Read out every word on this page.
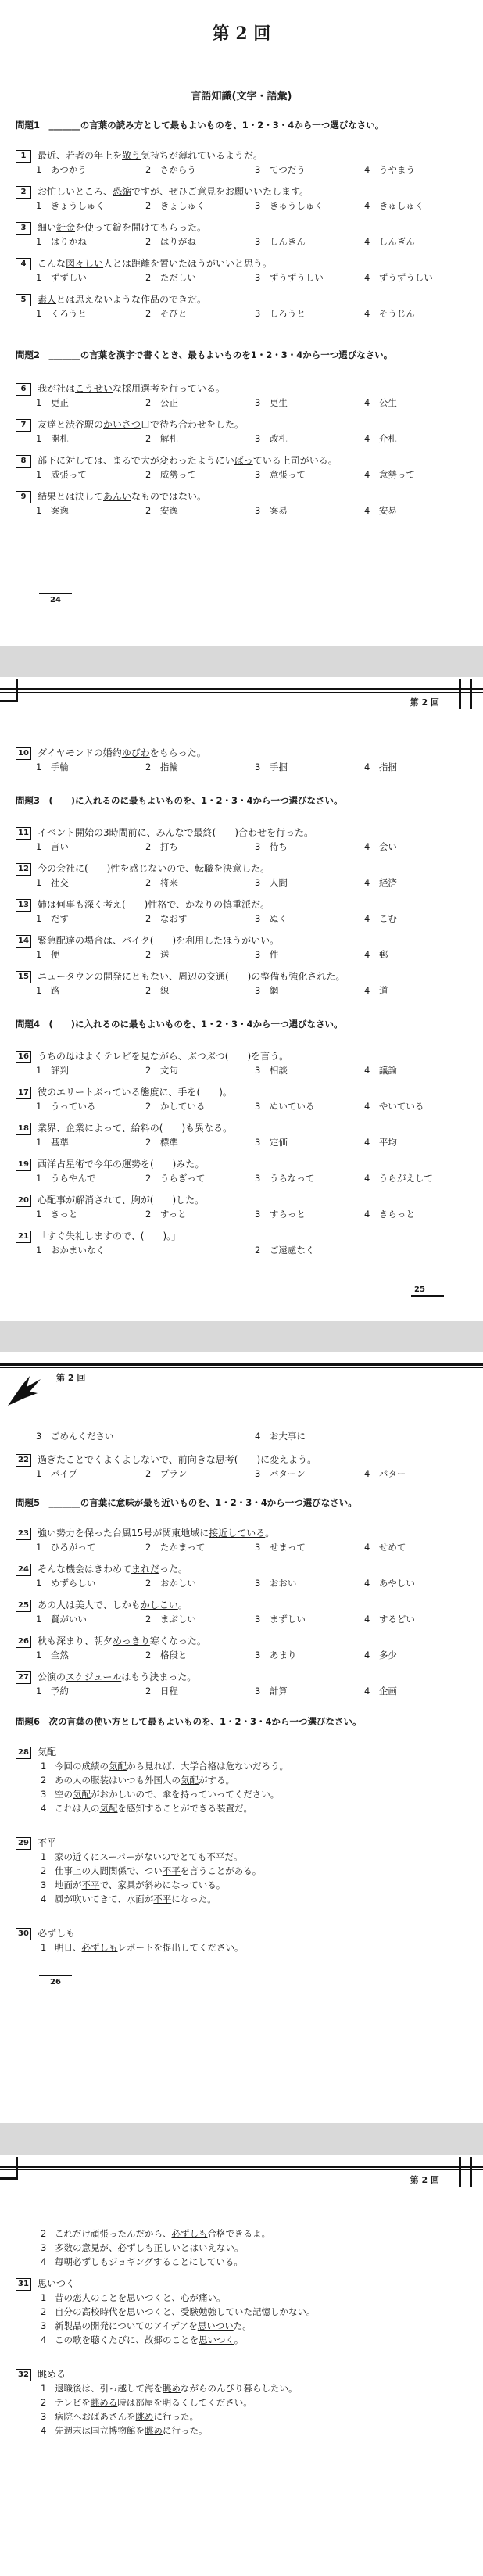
第 2 回
言語知識(文字・語彙)
問題1　_______の言葉の読み方として最もよいものを、1・2・3・4から一つ選びなさい。
1 最近、若者の年上を敬う気持ちが薄れているようだ。
1　あつかう	2　さからう	3　てつだう	4　うやまう
2 お忙しいところ、恐縮ですが、ぜひご意見をお願いいたします。
1　きょうしゅく	2　きょしゅく	3　きゅうしゅく	4　きゅしゅく
3 細い針金を使って錠を開けてもらった。
1　はりかね	2　はりがね	3　しんきん	4　しんぎん
4 こんな図々しい人とは距離を置いたほうがいいと思う。
1　ずずしい	2　ただしい	3　ずうずうしい	4　ずうずうしい
5 素人とは思えないような作品のできだ。
1　くろうと	2　そびと	3　しろうと	4　そうじん
問題2　_______の言葉を漢字で書くとき、最もよいものを1・2・3・4から一つ選びなさい。
6 我が社はこうせいな採用選考を行っている。
1　更正	2　公正	3　更生	4　公生
7 友達と渋谷駅のかいさつ口で待ち合わせをした。
1　開札	2　解札	3　改札	4　介札
8 部下に対しては、まるで大が変わったようにいばっている上司がいる。
1　威張って	2　威勢って	3　意張って	4　意勢って
9 結果とは決してあんいなものではない。
1　案逸	2　安逸	3　案易	4　安易
24
第 2 回
10 ダイヤモンドの婚約ゆびわをもらった。
1　手輪	2　指輪	3　手掴	4　指掴
問題3　(　　)に入れるのに最もよいものを、1・2・3・4から一つ選びなさい。
11 イベント開始の3時間前に、みんなで最終(　　)合わせを行った。
1　言い	2　打ち	3　待ち	4　会い
12 今の会社に(　　)性を感じないので、転職を決意した。
1　社交	2　将来	3　人間	4　経済
13 姉は何事も深く考え(　　)性格で、かなりの慎重派だ。
1　だす	2　なおす	3　ぬく	4　こむ
14 緊急配達の場合は、バイク(　　)を利用したほうがいい。
1　便	2　送	3　件	4　郵
15 ニュータウンの開発にともない、周辺の交通(　　)の整備も強化された。
1　路	2　線	3　網	4　道
問題4　(　　)に入れるのに最もよいものを、1・2・3・4から一つ選びなさい。
16 うちの母はよくテレビを見ながら、ぶつぶつ(　　)を言う。
1　評判	2　文句	3　相談	4　議論
17 彼のエリートぶっている態度に、手を(　　)。
1　うっている	2　かしている	3　ぬいている	4　やいている
18 業界、企業によって、給料の(　　)も異なる。
1　基準	2　標準	3　定価	4　平均
19 西洋占星術で今年の運勢を(　　)みた。
1　うらやんで	2　うらぎって	3　うらなって	4　うらがえして
20 心配事が解消されて、胸が(　　)した。
1　きっと	2　すっと	3　すらっと	4　きらっと
21 「すぐ失礼しますので、(　　)。」
1　おかまいなく	2　ご遠慮なく
25
第 2 回
3　ごめんください	4　お大事に
22 過ぎたことでくよくよしないで、前向きな思考(　　)に変えよう。
1　パイプ	2　プラン	3　パターン	4　パター
問題5　_______の言葉に意味が最も近いものを、1・2・3・4から一つ選びなさい。
23 強い勢力を保った台風15号が関東地域に接近している。
1　ひろがって	2　たかまって	3　せまって	4　せめて
24 そんな機会はきわめてまれだった。
1　めずらしい	2　おかしい	3　おおい	4　あやしい
25 あの人は美人で、しかもかしこい。
1　賢がいい	2　まぶしい	3　まずしい	4　するどい
26 秋も深まり、朝夕めっきり寒くなった。
1　全然	2　格段と	3　あまり	4　多少
27 公演のスケジュールはもう決まった。
1　予約	2　日程	3　計算	4　企画
問題6　次の言葉の使い方として最もよいものを、1・2・3・4から一つ選びなさい。
28 気配
1 今回の成績の気配から見れば、大学合格は危ないだろう。
2 あの人の服装はいつも外国人の気配がする。
3 空の気配がおかしいので、傘を持っていってください。
4 これは人の気配を感知することができる装置だ。
29 不平
1 家の近くにスーパーがないのでとても不平だ。
2 仕事上の人間関係で、つい不平を言うことがある。
3 地面が不平で、家具が斜めになっている。
4 風が吹いてきて、水面が不平になった。
30 必ずしも
1 明日、必ずしもレポートを提出してください。
26
第 2 回
2 これだけ頑張ったんだから、必ずしも合格できるよ。
3 多数の意見が、必ずしも正しいとはいえない。
4 毎朝必ずしもジョギングすることにしている。
31 思いつく
1 昔の恋人のことを思いつくと、心が痛い。
2 自分の高校時代を思いつくと、受験勉強していた記憶しかない。
3 新製品の開発についてのアイデアを思いついた。
4 この歌を聴くたびに、故郷のことを思いつく。
32 眺める
1 退職後は、引っ越して海を眺めながらのんびり暮らしたい。
2 テレビを眺める時は部屋を明るくしてください。
3 病院へおばあさんを眺めに行った。
4 先週末は国立博物館を眺めに行った。
